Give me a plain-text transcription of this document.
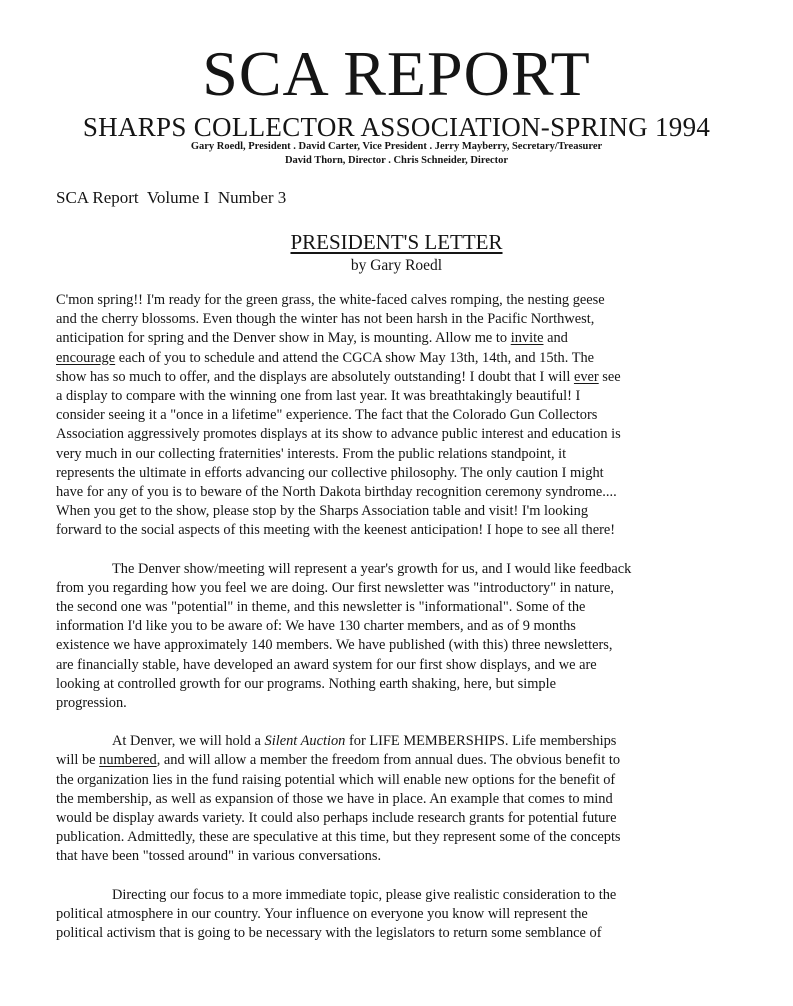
SCA REPORT
SHARPS COLLECTOR ASSOCIATION-SPRING 1994
Gary Roedl, President . David Carter, Vice President . Jerry Mayberry, Secretary/Treasurer
David Thorn, Director . Chris Schneider, Director
SCA Report  Volume I  Number 3
PRESIDENT'S LETTER
by Gary Roedl
C'mon spring!! I'm ready for the green grass, the white-faced calves romping, the nesting geese
and the cherry blossoms. Even though the winter has not been harsh in the Pacific Northwest,
anticipation for spring and the Denver show in May, is mounting. Allow me to invite and
encourage each of you to schedule and attend the CGCA show May 13th, 14th, and 15th. The
show has so much to offer, and the displays are absolutely outstanding! I doubt that I will ever see
a display to compare with the winning one from last year. It was breathtakingly beautiful! I
consider seeing it a "once in a lifetime" experience. The fact that the Colorado Gun Collectors
Association aggressively promotes displays at its show to advance public interest and education is
very much in our collecting fraternities' interests. From the public relations standpoint, it
represents the ultimate in efforts advancing our collective philosophy. The only caution I might
have for any of you is to beware of the North Dakota birthday recognition ceremony syndrome....
When you get to the show, please stop by the Sharps Association table and visit! I'm looking
forward to the social aspects of this meeting with the keenest anticipation! I hope to see all there!
The Denver show/meeting will represent a year's growth for us, and I would like feedback
from you regarding how you feel we are doing. Our first newsletter was "introductory" in nature,
the second one was "potential" in theme, and this newsletter is "informational". Some of the
information I'd like you to be aware of: We have 130 charter members, and as of 9 months
existence we have approximately 140 members. We have published (with this) three newsletters,
are financially stable, have developed an award system for our first show displays, and we are
looking at controlled growth for our programs. Nothing earth shaking, here, but simple
progression.
At Denver, we will hold a Silent Auction for LIFE MEMBERSHIPS. Life memberships
will be numbered, and will allow a member the freedom from annual dues. The obvious benefit to
the organization lies in the fund raising potential which will enable new options for the benefit of
the membership, as well as expansion of those we have in place. An example that comes to mind
would be display awards variety. It could also perhaps include research grants for potential future
publication. Admittedly, these are speculative at this time, but they represent some of the concepts
that have been "tossed around" in various conversations.
Directing our focus to a more immediate topic, please give realistic consideration to the
political atmosphere in our country. Your influence on everyone you know will represent the
political activism that is going to be necessary with the legislators to return some semblance of
